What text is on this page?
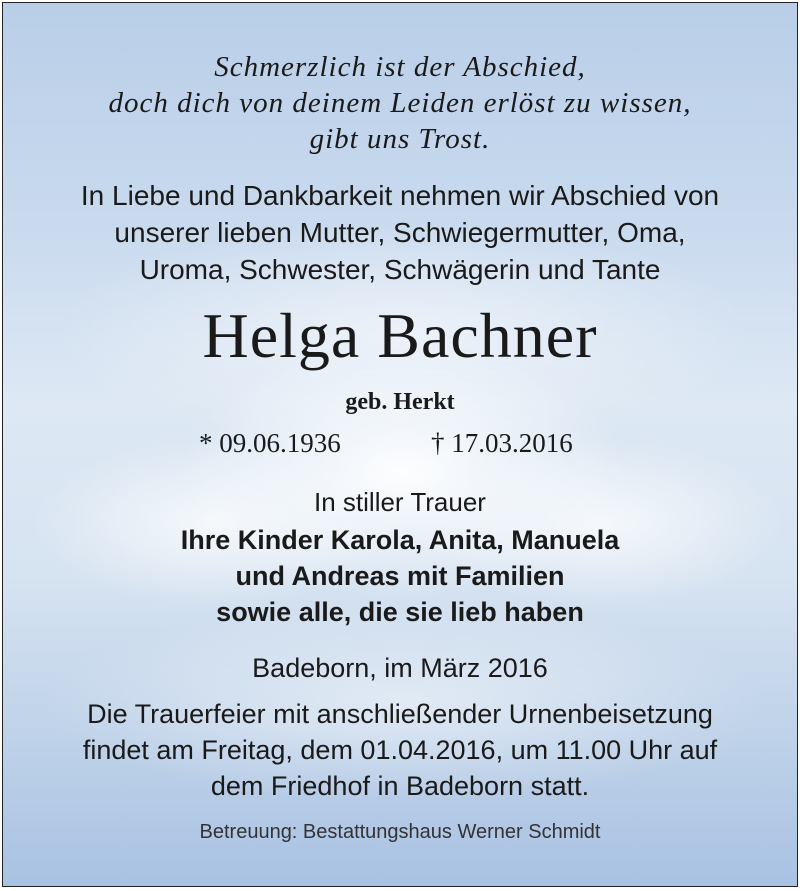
Schmerzlich ist der Abschied,
doch dich von deinem Leiden erlöst zu wissen,
gibt uns Trost.
In Liebe und Dankbarkeit nehmen wir Abschied von
unserer lieben Mutter, Schwiegermutter, Oma,
Uroma, Schwester, Schwägerin und Tante
Helga Bachner
geb. Herkt
* 09.06.1936	† 17.03.2016
In stiller Trauer
Ihre Kinder Karola, Anita, Manuela
und Andreas mit Familien
sowie alle, die sie lieb haben
Badeborn, im März 2016
Die Trauerfeier mit anschließender Urnenbeisetzung
findet am Freitag, dem 01.04.2016, um 11.00 Uhr auf
dem Friedhof in Badeborn statt.
Betreuung: Bestattungshaus Werner Schmidt
